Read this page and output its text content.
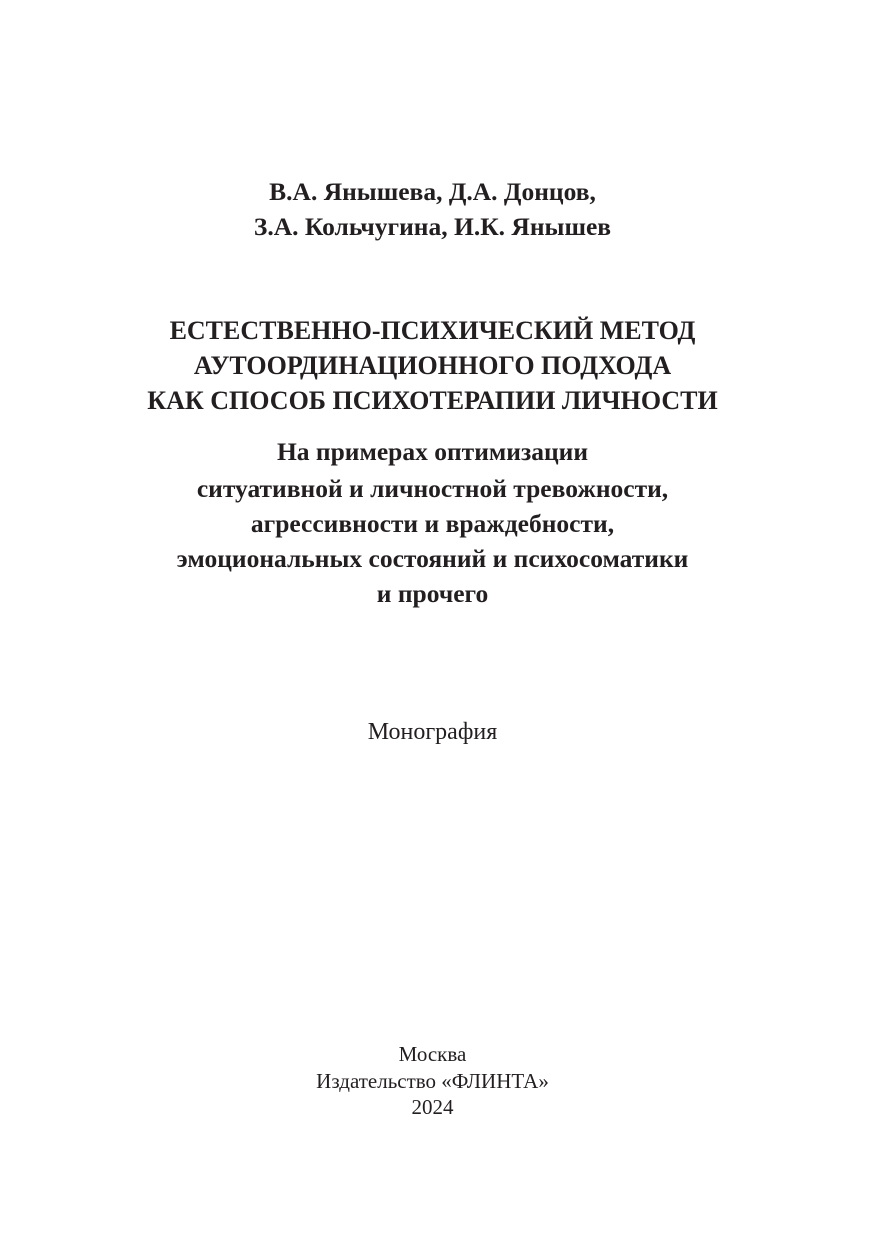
В.А. Янышева, Д.А. Донцов,
З.А. Кольчугина, И.К. Янышев
ЕСТЕСТВЕННО-ПСИХИЧЕСКИЙ МЕТОД
АУТООРДИНАЦИОННОГО ПОДХОДА
КАК СПОСОБ ПСИХОТЕРАПИИ ЛИЧНОСТИ
На примерах оптимизации
ситуативной и личностной тревожности,
агрессивности и враждебности,
эмоциональных состояний и психосоматики
и прочего
Монография
Москва
Издательство «ФЛИНТА»
2024
